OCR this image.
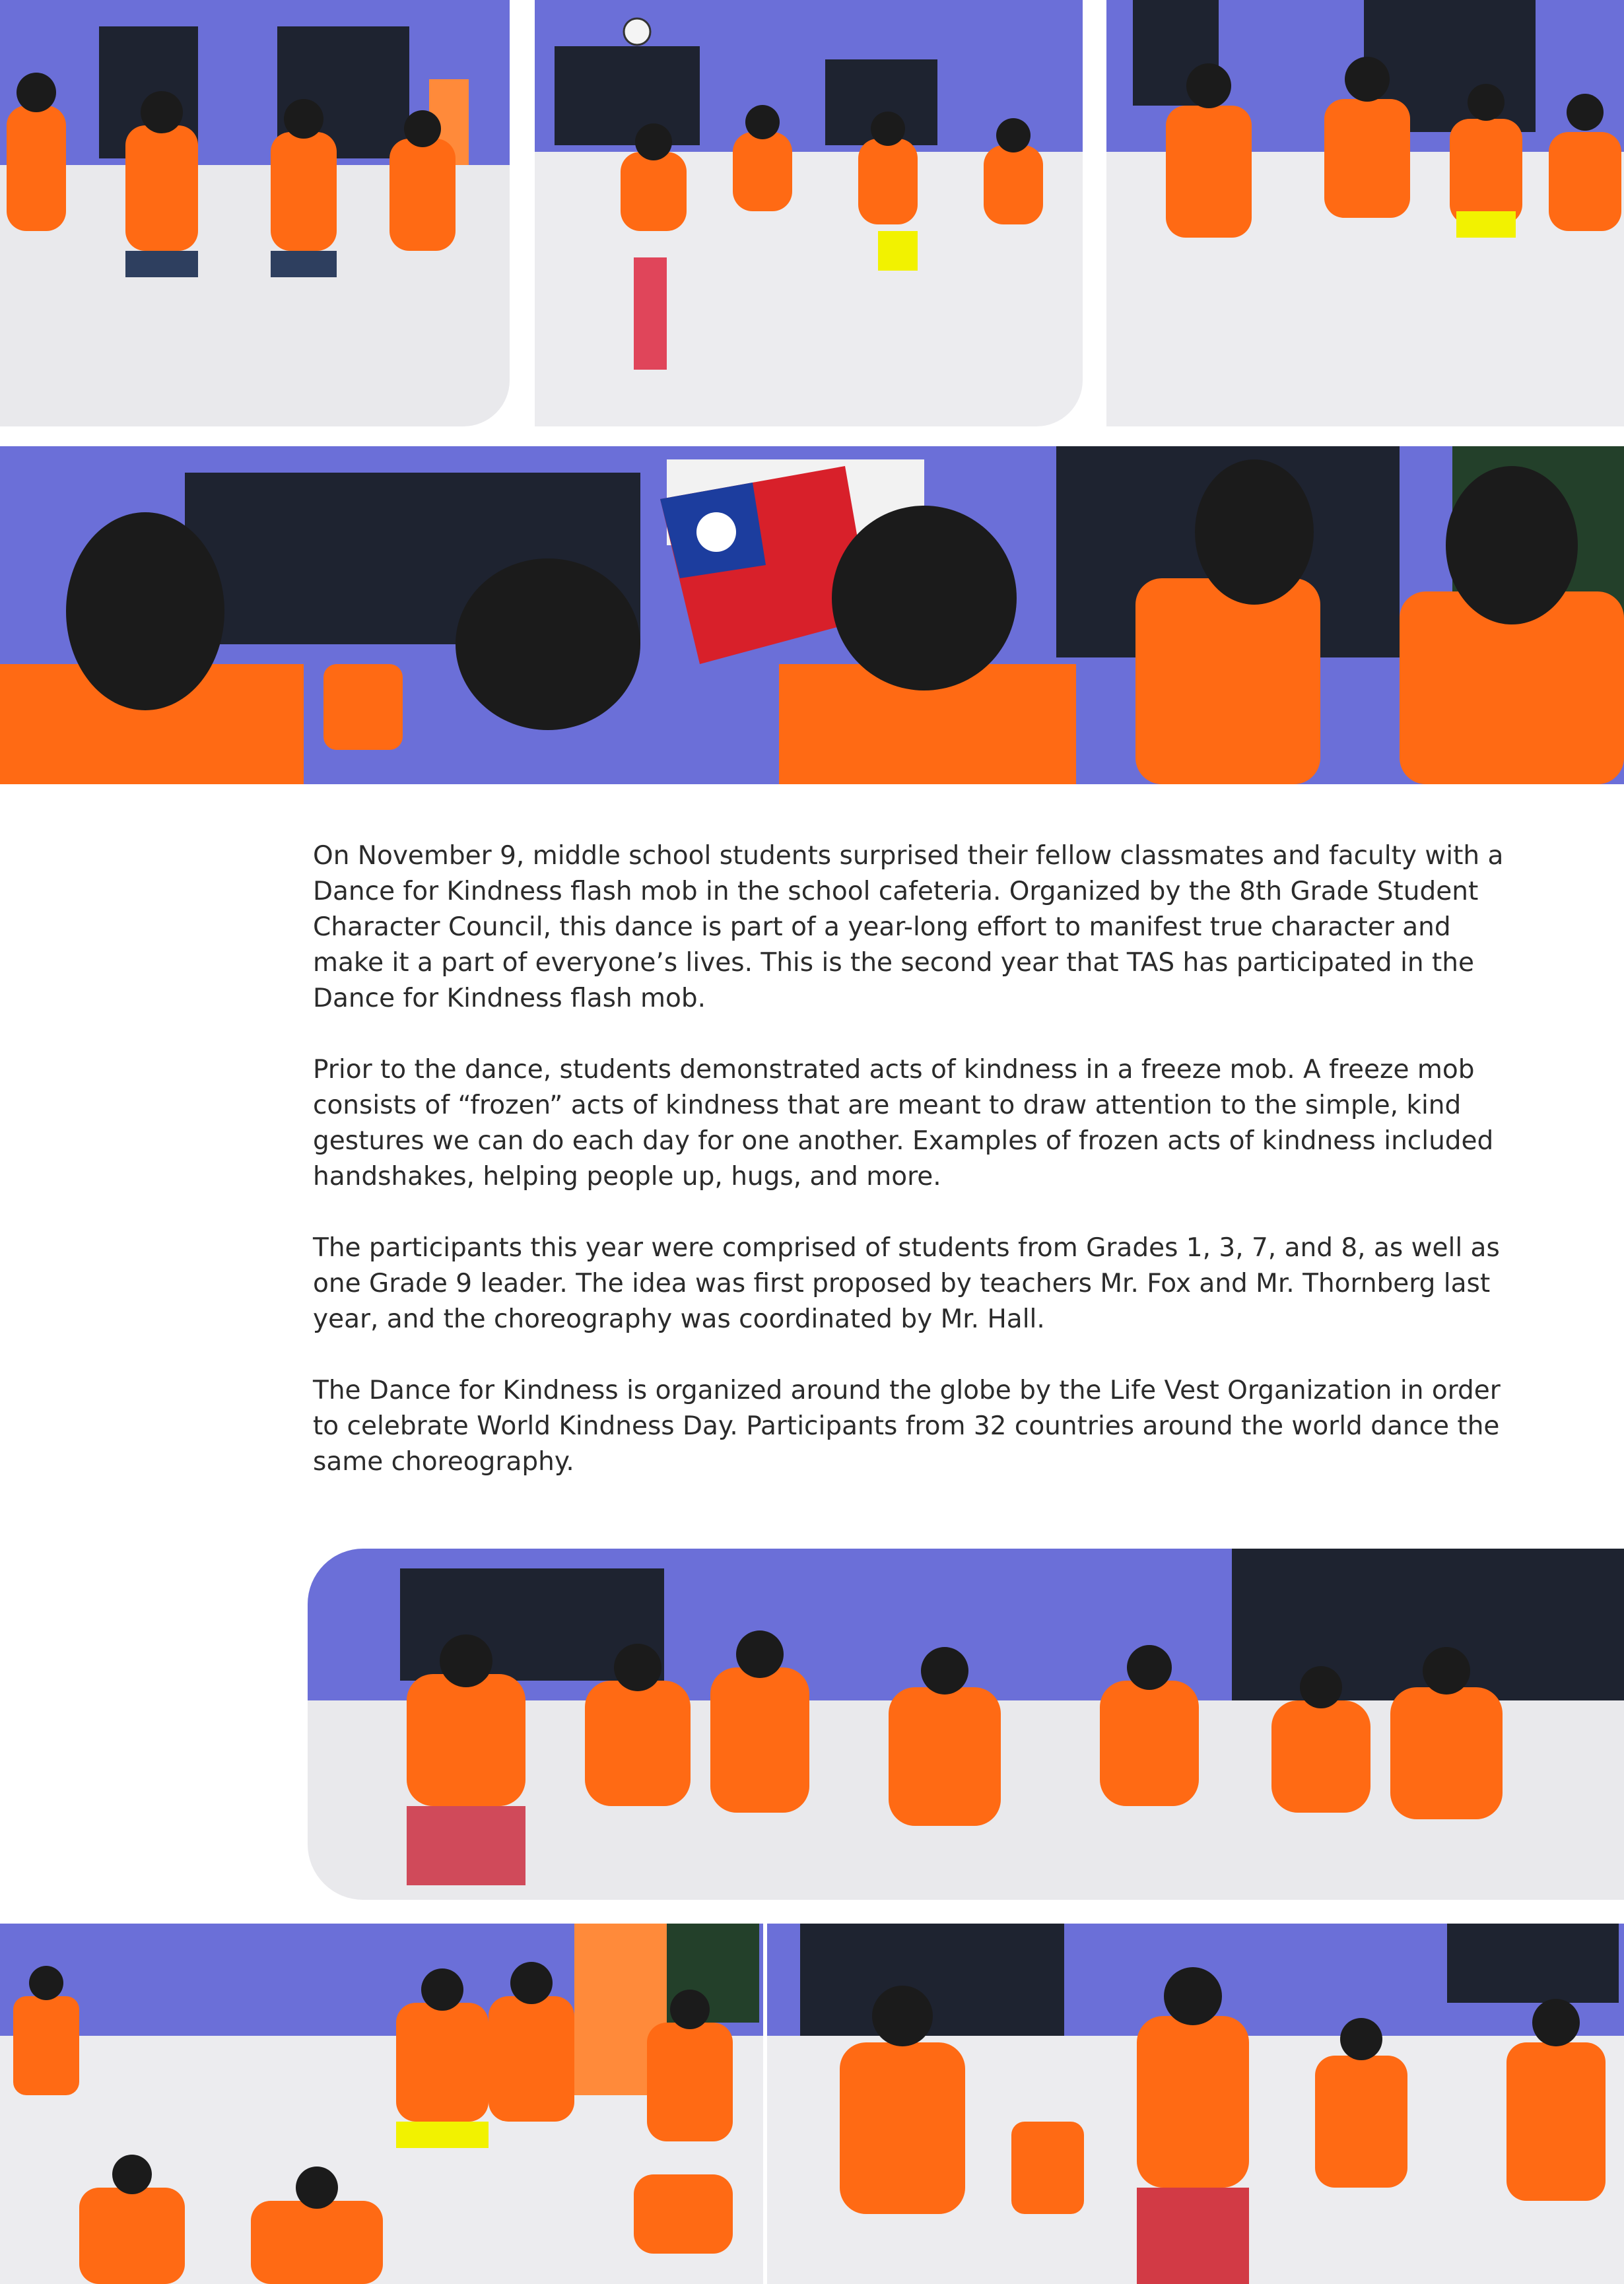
On November 9, middle school students surprised their fellow classmates and faculty with a Dance for Kindness flash mob in the school cafeteria. Organized by the 8th Grade Student Character Council, this dance is part of a year-long effort to manifest true character and make it a part of everyone’s lives. This is the second year that TAS has participated in the Dance for Kindness flash mob.

Prior to the dance, students demonstrated acts of kindness in a freeze mob. A freeze mob consists of “frozen” acts of kindness that are meant to draw attention to the simple, kind gestures we can do each day for one another. Examples of frozen acts of kindness included handshakes, helping people up, hugs, and more.

The participants this year were comprised of students from Grades 1, 3, 7, and 8, as well as one Grade 9 leader. The idea was first proposed by teachers Mr. Fox and Mr. Thornberg last year, and the choreography was coordinated by Mr. Hall.

The Dance for Kindness is organized around the globe by the Life Vest Organization in order to celebrate World Kindness Day. Participants from 32 countries around the world dance the same choreography.
